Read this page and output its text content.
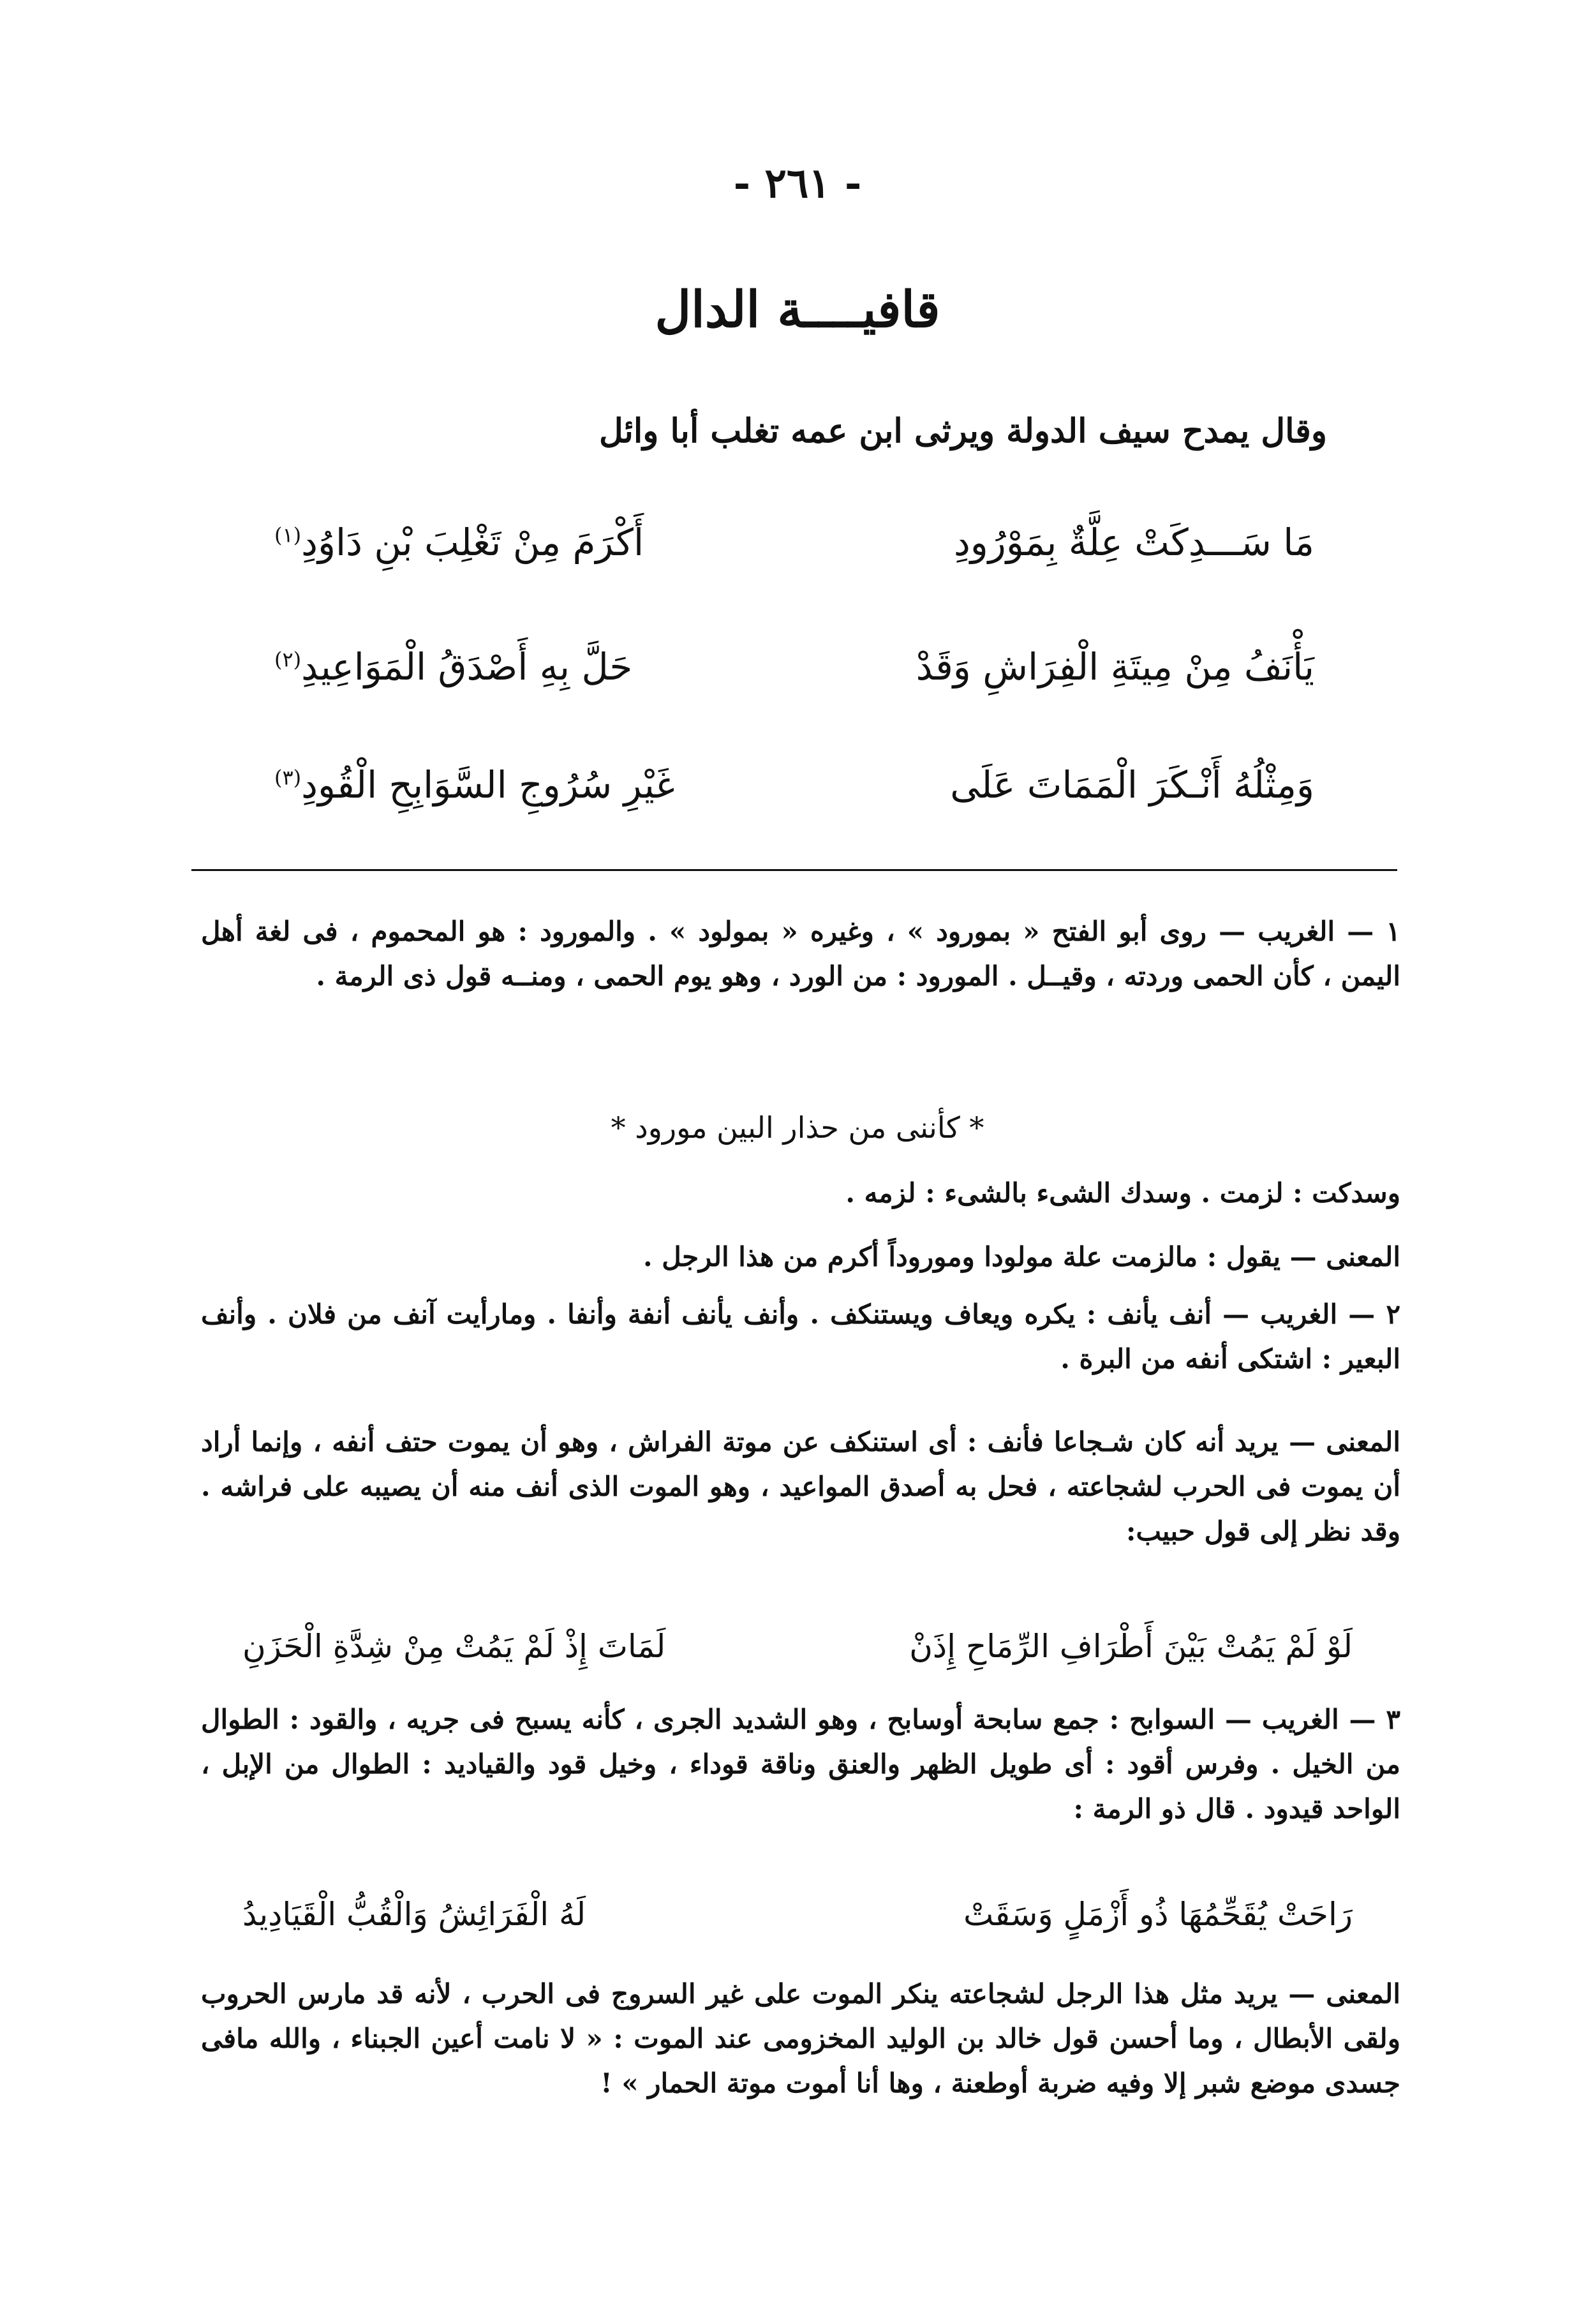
- ٢٦١ -
قافيــــة الدال
وقال يمدح سيف الدولة ويرثى ابن عمه تغلب أبا وائل
مَا سَـــدِكَتْ عِلَّةٌ بِمَوْرُودِ
أَكْرَمَ مِنْ تَغْلِبَ بْنِ دَاوُدِ$^{(١)}$
يَأْنَفُ مِنْ مِيتَةِ الْفِرَاشِ وَقَدْ
حَلَّ بِهِ أَصْدَقُ الْمَوَاعِيدِ$^{(٢)}$
وَمِثْلُهُ أَنْـكَرَ الْمَمَاتَ عَلَى
غَيْرِ سُرُوجِ السَّوَابِحِ الْقُودِ$^{(٣)}$
١ — الغريب — روى أبو الفتح « بمورود » ، وغيره « بمولود » . والمورود : هو المحموم ، فى لغة أهل اليمن ، كأن الحمى وردته ، وقيــل . المورود : من الورد ، وهو يوم الحمى ، ومنــه قول ذى الرمة .
* كأننى من حذار البين مورود *
وسدكت : لزمت . وسدك الشىء بالشىء : لزمه .
المعنى — يقول : مالزمت علة مولودا وموروداً أكرم من هذا الرجل .
٢ — الغريب — أنف يأنف : يكره ويعاف ويستنكف . وأنف يأنف أنفة وأنفا . ومارأيت آنف من فلان . وأنف البعير : اشتكى أنفه من البرة .
المعنى — يريد أنه كان شـجاعا فأنف : أى استنكف عن موتة الفراش ، وهو أن يموت حتف أنفه ، وإنما أراد أن يموت فى الحرب لشجاعته ، فحل به أصدق المواعيد ، وهو الموت الذى أنف منه أن يصيبه على فراشه . وقد نظر إلى قول حبيب:
لَوْ لَمْ يَمُتْ بَيْنَ أَطْرَافِ الرِّمَاحِ إِذَنْ
لَمَاتَ إِذْ لَمْ يَمُتْ مِنْ شِدَّةِ الْحَزَنِ
٣ — الغريب — السوابح : جمع سابحة أوسابح ، وهو الشديد الجرى ، كأنه يسبح فى جريه ، والقود : الطوال من الخيل . وفرس أقود : أى طويل الظهر والعنق وناقة قوداء ، وخيل قود والقياديد : الطوال من الإبل ، الواحد قيدود . قال ذو الرمة :
رَاحَتْ يُقَحِّمُهَا ذُو أَزْمَلٍ وَسَقَتْ
لَهُ الْفَرَائِشُ وَالْقُبُّ الْقَيَادِيدُ
المعنى — يريد مثل هذا الرجل لشجاعته ينكر الموت على غير السروج فى الحرب ، لأنه قد مارس الحروب ولقى الأبطال ، وما أحسن قول خالد بن الوليد المخزومى عند الموت : « لا نامت أعين الجبناء ، والله مافى جسدى موضع شبر إلا وفيه ضربة أوطعنة ، وها أنا أموت موتة الحمار » !
